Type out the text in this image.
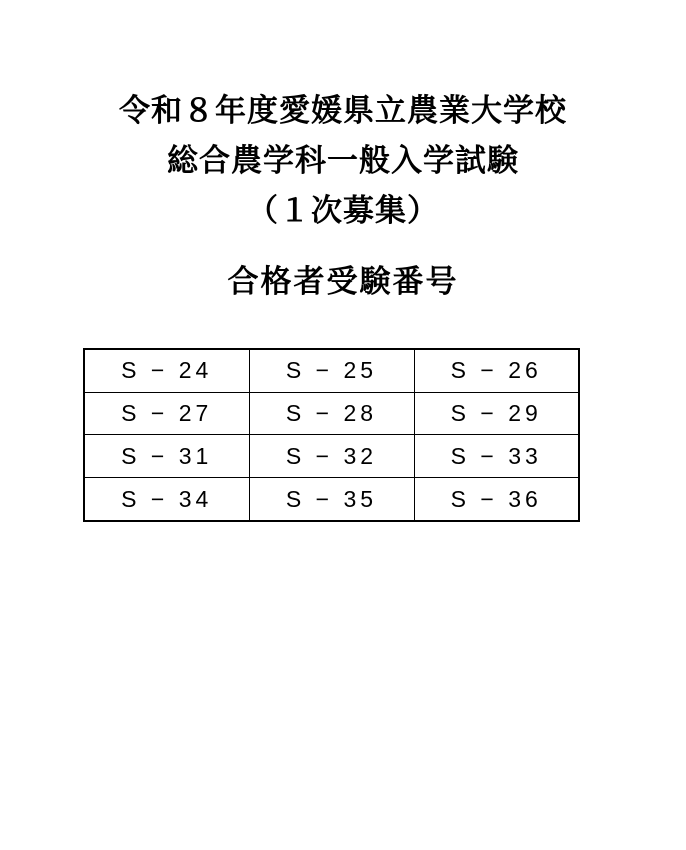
令和８年度愛媛県立農業大学校
総合農学科一般入学試験
（１次募集）
合格者受験番号
S − 24	S − 25	S − 26
S − 27	S − 28	S − 29
S − 31	S − 32	S − 33
S − 34	S − 35	S − 36
